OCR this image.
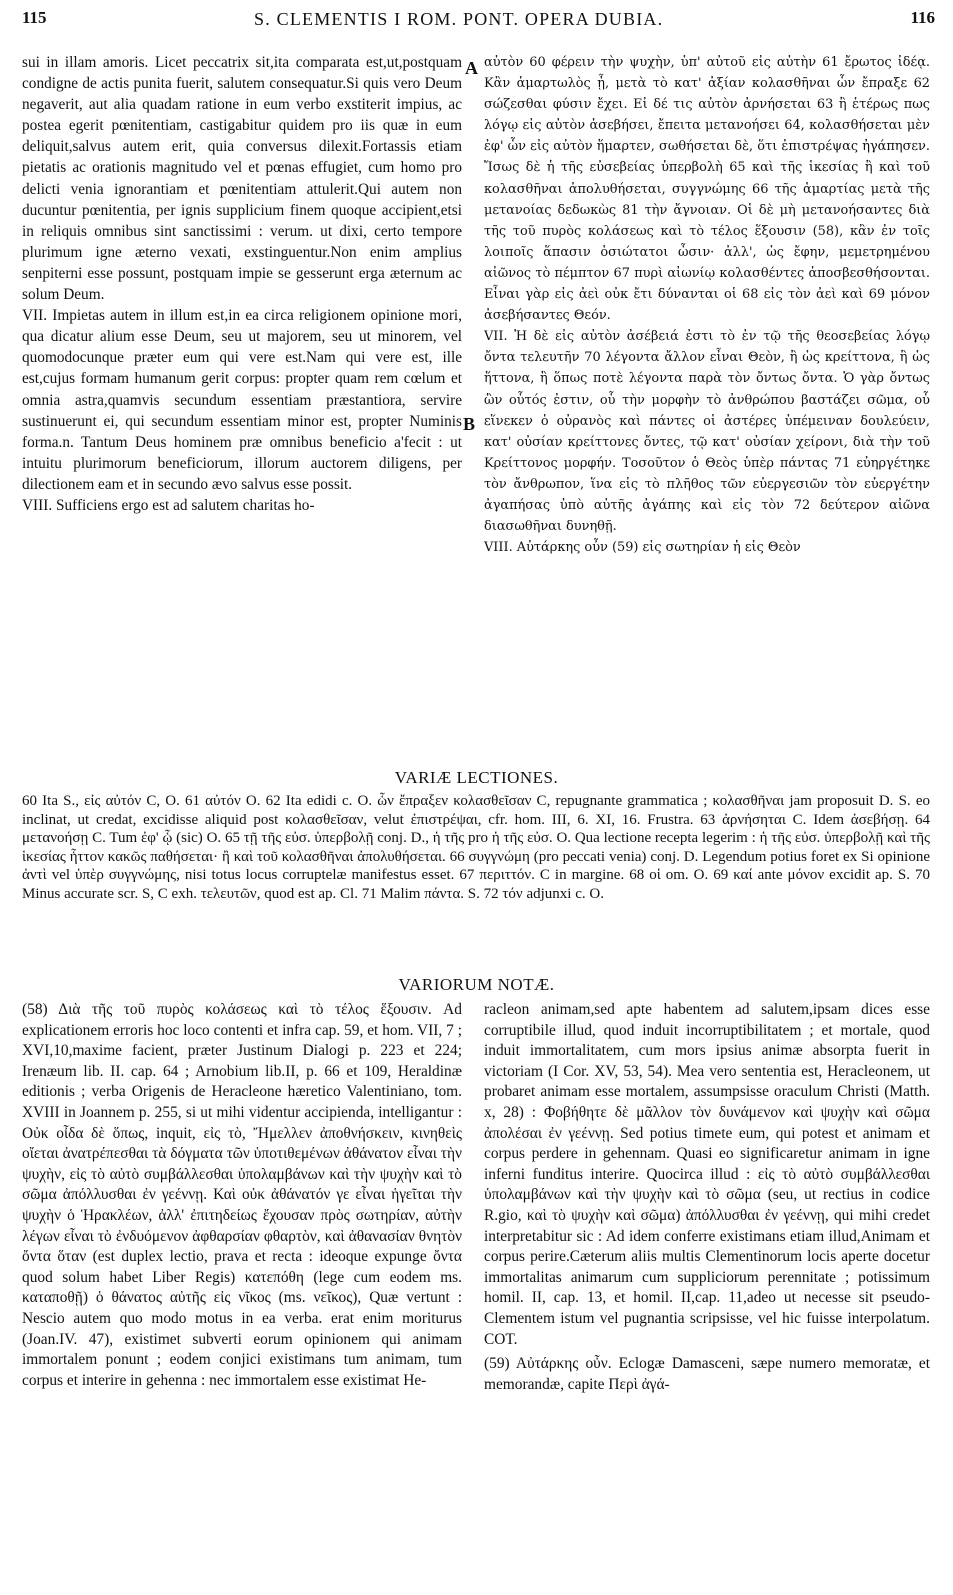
115	S. CLEMENTIS I ROM. PONT. OPERA DUBIA.	116
A
B

sui in illam amoris. Licet peccatrix sit,ita comparata est,ut,postquam condigne de actis punita fuerit, salutem consequatur.Si quis vero Deum negaverit, aut alia quadam ratione in eum verbo exstiterit impius, ac postea egerit pœnitentiam, castigabitur quidem pro iis quæ in eum deliquit,salvus autem erit, quia conversus dilexit.Fortassis etiam pietatis ac orationis magnitudo vel et pœnas effugiet, cum homo pro delicti venia ignorantiam et pœnitentiam attulerit.Qui autem non ducuntur pœnitentia, per ignis supplicium finem quoque accipient,etsi in reliquis omnibus sint sanctissimi : verum. ut dixi, certo tempore plurimum igne æterno vexati, exstinguentur.Non enim amplius senpiterni esse possunt, postquam impie se gesserunt erga æternum ac solum Deum.

VII. Impietas autem in illum est,in ea circa religionem opinione mori, qua dicatur alium esse Deum, seu ut majorem, seu ut minorem, vel quomodocunque præter eum qui vere est.Nam qui vere est, ille est,cujus formam humanum gerit corpus: propter quam rem cœlum et omnia astra,quamvis secundum essentiam præstantiora, servire sustinuerunt ei, qui secundum essentiam minor est, propter Numinis forma.n. Tantum Deus hominem præ omnibus beneficio a'fecit : ut intuitu plurimorum beneficiorum, illorum auctorem diligens, per dilectionem eam et in secundo ævo salvus esse possit.

VIII. Sufficiens ergo est ad salutem charitas ho-

αὐτὸν 60 φέρειν τὴν ψυχὴν, ὑπ' αὐτοῦ εἰς αὐτὴν 61 ἔρωτος ἰδέᾳ. Κἂν ἁμαρτωλὸς ᾖ, μετὰ τὸ κατ' ἀξίαν κολασθῆναι ὧν ἔπραξε 62 σώζεσθαι φύσιν ἔχει. Εἰ δέ τις αὐτὸν ἀρνήσεται 63 ἢ ἑτέρως πως λόγῳ εἰς αὐτὸν ἀσεβήσει, ἔπειτα μετανοήσει 64, κολασθήσεται μὲν ἐφ' ὧν εἰς αὐτὸν ἥμαρτεν, σωθήσεται δὲ, ὅτι ἐπιστρέψας ἠγάπησεν. Ἴσως δὲ ἡ τῆς εὐσεβείας ὑπερβολὴ 65 καὶ τῆς ἱκεσίας ἢ καὶ τοῦ κολασθῆναι ἀπολυθήσεται, συγγνώμης 66 τῆς ἁμαρτίας μετὰ τῆς μετανοίας δεδωκὼς 81 τὴν ἄγνοιαν. Οἱ δὲ μὴ μετανοήσαντες διὰ τῆς τοῦ πυρὸς κολάσεως καὶ τὸ τέλος ἕξουσιν (58), κἂν ἐν τοῖς λοιποῖς ἅπασιν ὁσιώτατοι ὦσιν· ἀλλ', ὡς ἔφην, μεμετρημένου αἰῶνος τὸ πέμπτον 67 πυρὶ αἰωνίῳ κολασθέντες ἀποσβεσθήσονται. Εἶναι γὰρ εἰς ἀεὶ οὐκ ἔτι δύνανται οἱ 68 εἰς τὸν ἀεὶ καὶ 69 μόνον ἀσεβήσαντες Θεόν.

VII. Ἡ δὲ εἰς αὐτὸν ἀσέβειά ἐστι τὸ ἐν τῷ τῆς θεοσεβείας λόγῳ ὄντα τελευτῆν 70 λέγοντα ἄλλον εἶναι Θεὸν, ἢ ὡς κρείττονα, ἢ ὡς ἥττονα, ἢ ὅπως ποτὲ λέγοντα παρὰ τὸν ὄντως ὄντα. Ὁ γὰρ ὄντως ὢν οὗτός ἐστιν, οὗ τὴν μορφὴν τὸ ἀνθρώπου βαστάζει σῶμα, οὗ εἵνεκεν ὁ οὐρανὸς καὶ πάντες οἱ ἀστέρες ὑπέμειναν δουλεύειν, κατ' οὐσίαν κρείττονες ὄντες, τῷ κατ' οὐσίαν χείρονι, διὰ τὴν τοῦ Κρείττονος μορφήν. Τοσοῦτον ὁ Θεὸς ὑπὲρ πάντας 71 εὐηργέτηκε τὸν ἄνθρωπον, ἵνα εἰς τὸ πλῆθος τῶν εὐεργεσιῶν τὸν εὐεργέτην ἀγαπήσας ὑπὸ αὐτῆς ἀγάπης καὶ εἰς τὸν 72 δεύτερον αἰῶνα διασωθῆναι δυνηθῇ.

VIII. Αὐτάρκης οὖν (59) εἰς σωτηρίαν ἡ εἰς Θεὸν

VARIÆ LECTIONES.

60 Ita S., εἰς αὐτόν C, O. 61 αὐτόν O. 62 Ita edidi c. O. ὧν ἔπραξεν κολασθεῖσαν C, repugnante grammatica ; κολασθῆναι jam proposuit D. S. eo inclinat, ut credat, excidisse aliquid post κολασθεῖσαν, velut ἐπιστρέψαι, cfr. hom. III, 6. XI, 16. Frustra. 63 ἀρνήσηται C. Idem ἀσεβήσῃ. 64 μετανοήσῃ C. Tum ἐφ' ᾧ (sic) O. 65 τῇ τῆς εὐσ. ὑπερβολῇ conj. D., ἡ τῆς pro ἡ τῆς εὐσ. O. Qua lectione recepta legerim : ἡ τῆς εὐσ. ὑπερβολῇ καὶ τῆς ἱκεσίας ἧττον κακῶς παθήσεται· ἢ καὶ τοῦ κολασθῆναι ἀπολυθήσεται. 66 συγγνώμη (pro peccati venia) conj. D. Legendum potius foret ex Si opinione ἀντὶ vel ὑπὲρ συγγνώμης, nisi totus locus corruptelæ manifestus esset. 67 περιττόν. C in margine. 68 οἱ om. O. 69 καί ante μόνον excidit ap. S. 70 Minus accurate scr. S, C exh. τελευτῶν, quod est ap. Cl. 71 Malim πάντα. S. 72 τόν adjunxi c. O.

VARIORUM NOTÆ.

(58) Διὰ τῆς τοῦ πυρὸς κολάσεως καὶ τὸ τέλος ἕξουσιν. Ad explicationem erroris hoc loco contenti et infra cap. 59, et hom. VII, 7 ; XVI,10,maxime facient, præter Justinum Dialogi p. 223 et 224; Irenæum lib. II. cap. 64 ; Arnobium lib.II, p. 66 et 109, Heraldinæ editionis ; verba Origenis de Heracleone hæretico Valentiniano, tom. XVIII in Joannem p. 255, si ut mihi videntur accipienda, intelligantur : Οὐκ οἶδα δὲ ὅπως, inquit, εἰς τὸ, Ἤμελλεν ἀποθνήσκειν, κινηθεὶς οἴεται ἀνατρέπεσθαι τὰ δόγματα τῶν ὑποτιθεμένων ἀθάνατον εἶναι τὴν ψυχὴν, εἰς τὸ αὐτὸ συμβάλλεσθαι ὑπολαμβάνων καὶ τὴν ψυχὴν καὶ τὸ σῶμα ἀπόλλυσθαι ἐν γεέννῃ. Καὶ οὐκ ἀθάνατόν γε εἶναι ἡγεῖται τὴν ψυχὴν ὁ Ἡρακλέων, ἀλλ' ἐπιτηδείως ἔχουσαν πρὸς σωτηρίαν, αὐτὴν λέγων εἶναι τὸ ἐνδυόμενον ἀφθαρσίαν φθαρτὸν, καὶ ἀθανασίαν θνητὸν ὄντα ὅταν (est duplex lectio, prava et recta : ideoque expunge ὄντα quod solum habet Liber Regis) κατεπόθη (lege cum eodem ms. καταποθῇ) ὁ θάνατος αὐτῆς εἰς νῖκος (ms. νεῖκος), Quæ vertunt : Nescio autem quo modo motus in ea verba. erat enim moriturus (Joan.IV. 47), existimet subverti eorum opinionem qui animam immortalem ponunt ; eodem conjici existimans tum animam, tum corpus et interire in gehenna : nec immortalem esse existimat He-

racleon animam,sed apte habentem ad salutem,ipsam dices esse corruptibile illud, quod induit incorruptibilitatem ; et mortale, quod induit immortalitatem, cum mors ipsius animæ absorpta fuerit in victoriam (I Cor. XV, 53, 54). Mea vero sententia est, Heracleonem, ut probaret animam esse mortalem, assumpsisse oraculum Christi (Matth. x, 28) : Φοβήθητε δὲ μᾶλλον τὸν δυνάμενον καὶ ψυχὴν καὶ σῶμα ἀπολέσαι ἐν γεέννῃ. Sed potius timete eum, qui potest et animam et corpus perdere in gehennam. Quasi eo significaretur animam in igne inferni funditus interire. Quocirca illud : εἰς τὸ αὐτὸ συμβάλλεσθαι ὑπολαμβάνων καὶ τὴν ψυχὴν καὶ τὸ σῶμα (seu, ut rectius in codice R.gio, καὶ τὸ ψυχὴν καὶ σῶμα) ἀπόλλυσθαι ἐν γεέννῃ, qui mihi credet interpretabitur sic : Ad idem conferre existimans etiam illud,Animam et corpus perire.Cæterum aliis multis Clementinorum locis aperte docetur immortalitas animarum cum suppliciorum perennitate ; potissimum homil. II, cap. 13, et homil. II,cap. 11,adeo ut necesse sit pseudo-Clementem istum vel pugnantia scripsisse, vel hic fuisse interpolatum. COT.

(59) Αὐτάρκης οὖν. Eclogæ Damasceni, sæpe numero memoratæ, et memorandæ, capite Περὶ ἀγά-
